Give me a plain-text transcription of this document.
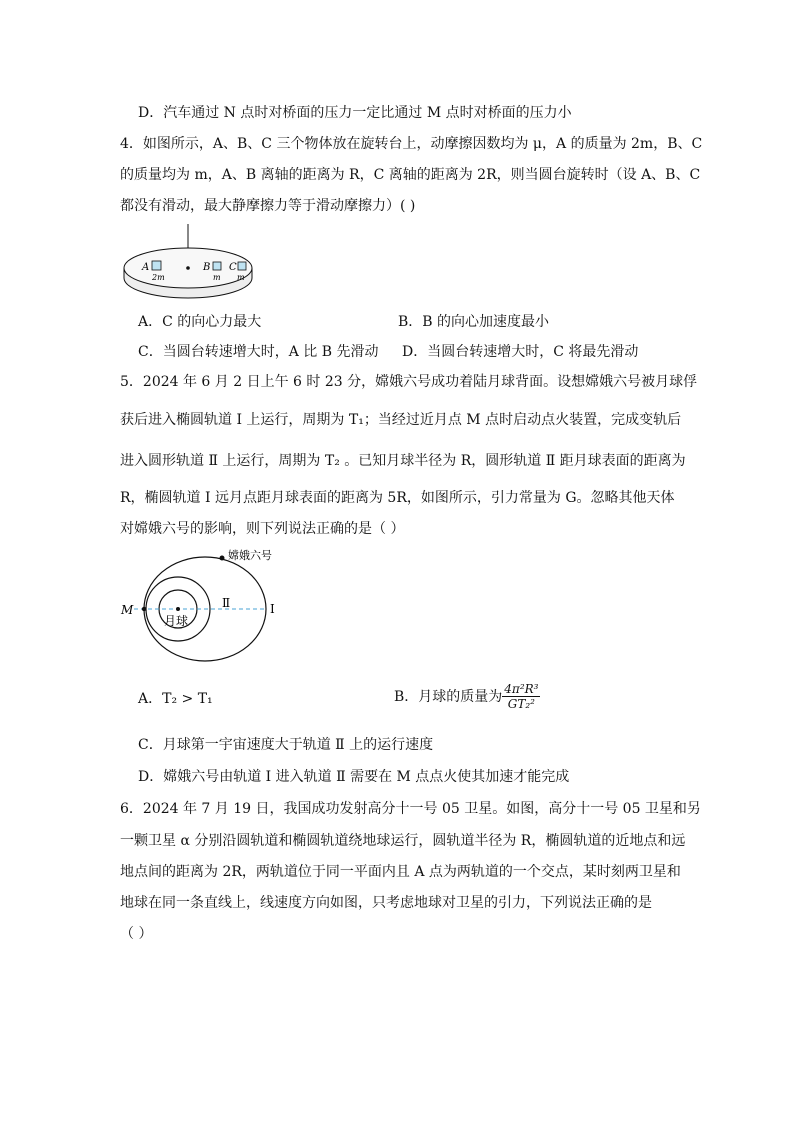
D．汽车通过 N 点时对桥面的压力一定比通过 M 点时对桥面的压力小
4．如图所示，A、B、C 三个物体放在旋转台上，动摩擦因数均为 μ，A 的质量为 2m，B、C
的质量均为 m，A、B 离轴的距离为 R，C 离轴的距离为 2R，则当圆台旋转时（设 A、B、C
都没有滑动，最大静摩擦力等于滑动摩擦力）( )
A	B C
2m	m m
A．C 的向心力最大	B．B 的向心加速度最小
C．当圆台转速增大时，A 比 B 先滑动 D．当圆台转速增大时，C 将最先滑动
5．2024 年 6 月 2 日上午 6 时 23 分，嫦娥六号成功着陆月球背面。设想嫦娥六号被月球俘
获后进入椭圆轨道 Ⅰ 上运行，周期为 T₁；当经过近月点 M 点时启动点火装置，完成变轨后
进入圆形轨道 Ⅱ 上运行，周期为 T₂ 。已知月球半径为 R，圆形轨道 Ⅱ 距月球表面的距离为
R，椭圆轨道 Ⅰ 远月点距月球表面的距离为 5R，如图所示，引力常量为 G。忽略其他天体
对嫦娥六号的影响，则下列说法正确的是（ ）
嫦娥六号
M	Ⅱ	Ⅰ
月球
A．T₂ > T₁	B．月球的质量为 $\frac{\text{4π²R³}}{\text{GT₂²}}$
C．月球第一宇宙速度大于轨道 Ⅱ 上的运行速度
D．嫦娥六号由轨道 Ⅰ 进入轨道 Ⅱ 需要在 M 点点火使其加速才能完成
6．2024 年 7 月 19 日，我国成功发射高分十一号 05 卫星。如图，高分十一号 05 卫星和另
一颗卫星 α 分别沿圆轨道和椭圆轨道绕地球运行，圆轨道半径为 R，椭圆轨道的近地点和远
地点间的距离为 2R，两轨道位于同一平面内且 A 点为两轨道的一个交点，某时刻两卫星和
地球在同一条直线上，线速度方向如图，只考虑地球对卫星的引力，下列说法正确的是
（ ）
